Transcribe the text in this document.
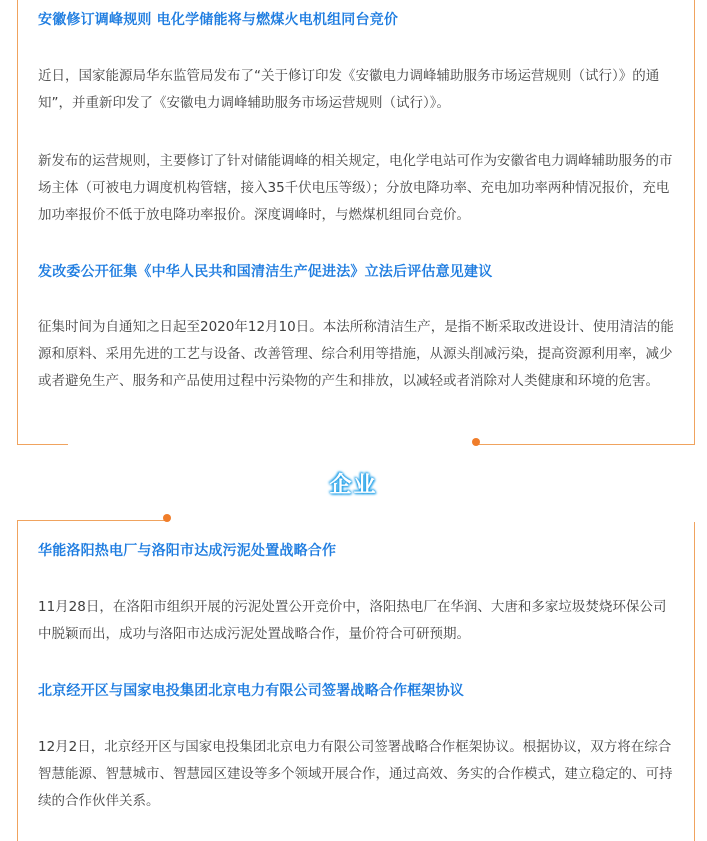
安徽修订调峰规则 电化学储能将与燃煤火电机组同台竞价
近日，国家能源局华东监管局发布了“关于修订印发《安徽电力调峰辅助服务市场运营规则（试行）》的通知”，并重新印发了《安徽电力调峰辅助服务市场运营规则（试行）》。
新发布的运营规则，主要修订了针对储能调峰的相关规定，电化学电站可作为安徽省电力调峰辅助服务的市场主体（可被电力调度机构管辖，接入35千伏电压等级）；分放电降功率、充电加功率两种情况报价，充电加功率报价不低于放电降功率报价。深度调峰时，与燃煤机组同台竞价。
发改委公开征集《中华人民共和国清洁生产促进法》立法后评估意见建议
征集时间为自通知之日起至2020年12月10日。本法所称清洁生产，是指不断采取改进设计、使用清洁的能源和原料、采用先进的工艺与设备、改善管理、综合利用等措施，从源头削减污染，提高资源利用率，减少或者避免生产、服务和产品使用过程中污染物的产生和排放，以减轻或者消除对人类健康和环境的危害。
企业
华能洛阳热电厂与洛阳市达成污泥处置战略合作
11月28日，在洛阳市组织开展的污泥处置公开竞价中，洛阳热电厂在华润、大唐和多家垃圾焚烧环保公司中脱颖而出，成功与洛阳市达成污泥处置战略合作，量价符合可研预期。
北京经开区与国家电投集团北京电力有限公司签署战略合作框架协议
12月2日，北京经开区与国家电投集团北京电力有限公司签署战略合作框架协议。根据协议，双方将在综合智慧能源、智慧城市、智慧园区建设等多个领域开展合作，通过高效、务实的合作模式，建立稳定的、可持续的合作伙伴关系。
